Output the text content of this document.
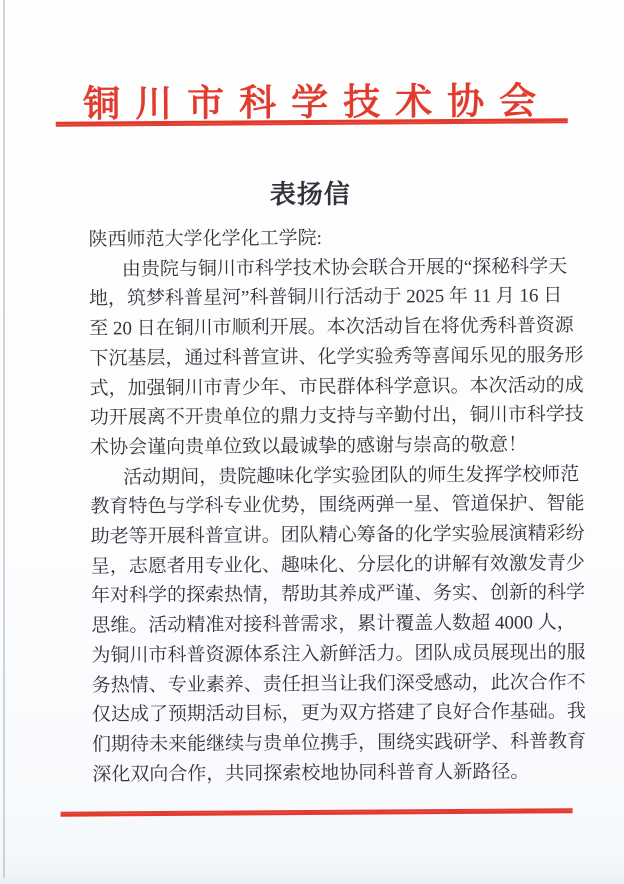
铜川市科学技术协会
表扬信
陕西师范大学化学化工学院:
由贵院与铜川市科学技术协会联合开展的“探秘科学天
地，筑梦科普星河”科普铜川行活动于 2025 年 11 月 16 日
至 20 日在铜川市顺利开展。本次活动旨在将优秀科普资源
下沉基层，通过科普宣讲、化学实验秀等喜闻乐见的服务形
式，加强铜川市青少年、市民群体科学意识。本次活动的成
功开展离不开贵单位的鼎力支持与辛勤付出，铜川市科学技
术协会谨向贵单位致以最诚挚的感谢与崇高的敬意！
活动期间，贵院趣味化学实验团队的师生发挥学校师范
教育特色与学科专业优势，围绕两弹一星、管道保护、智能
助老等开展科普宣讲。团队精心筹备的化学实验展演精彩纷
呈，志愿者用专业化、趣味化、分层化的讲解有效激发青少
年对科学的探索热情，帮助其养成严谨、务实、创新的科学
思维。活动精准对接科普需求，累计覆盖人数超 4000 人，
为铜川市科普资源体系注入新鲜活力。团队成员展现出的服
务热情、专业素养、责任担当让我们深受感动，此次合作不
仅达成了预期活动目标，更为双方搭建了良好合作基础。我
们期待未来能继续与贵单位携手，围绕实践研学、科普教育
深化双向合作，共同探索校地协同科普育人新路径。
